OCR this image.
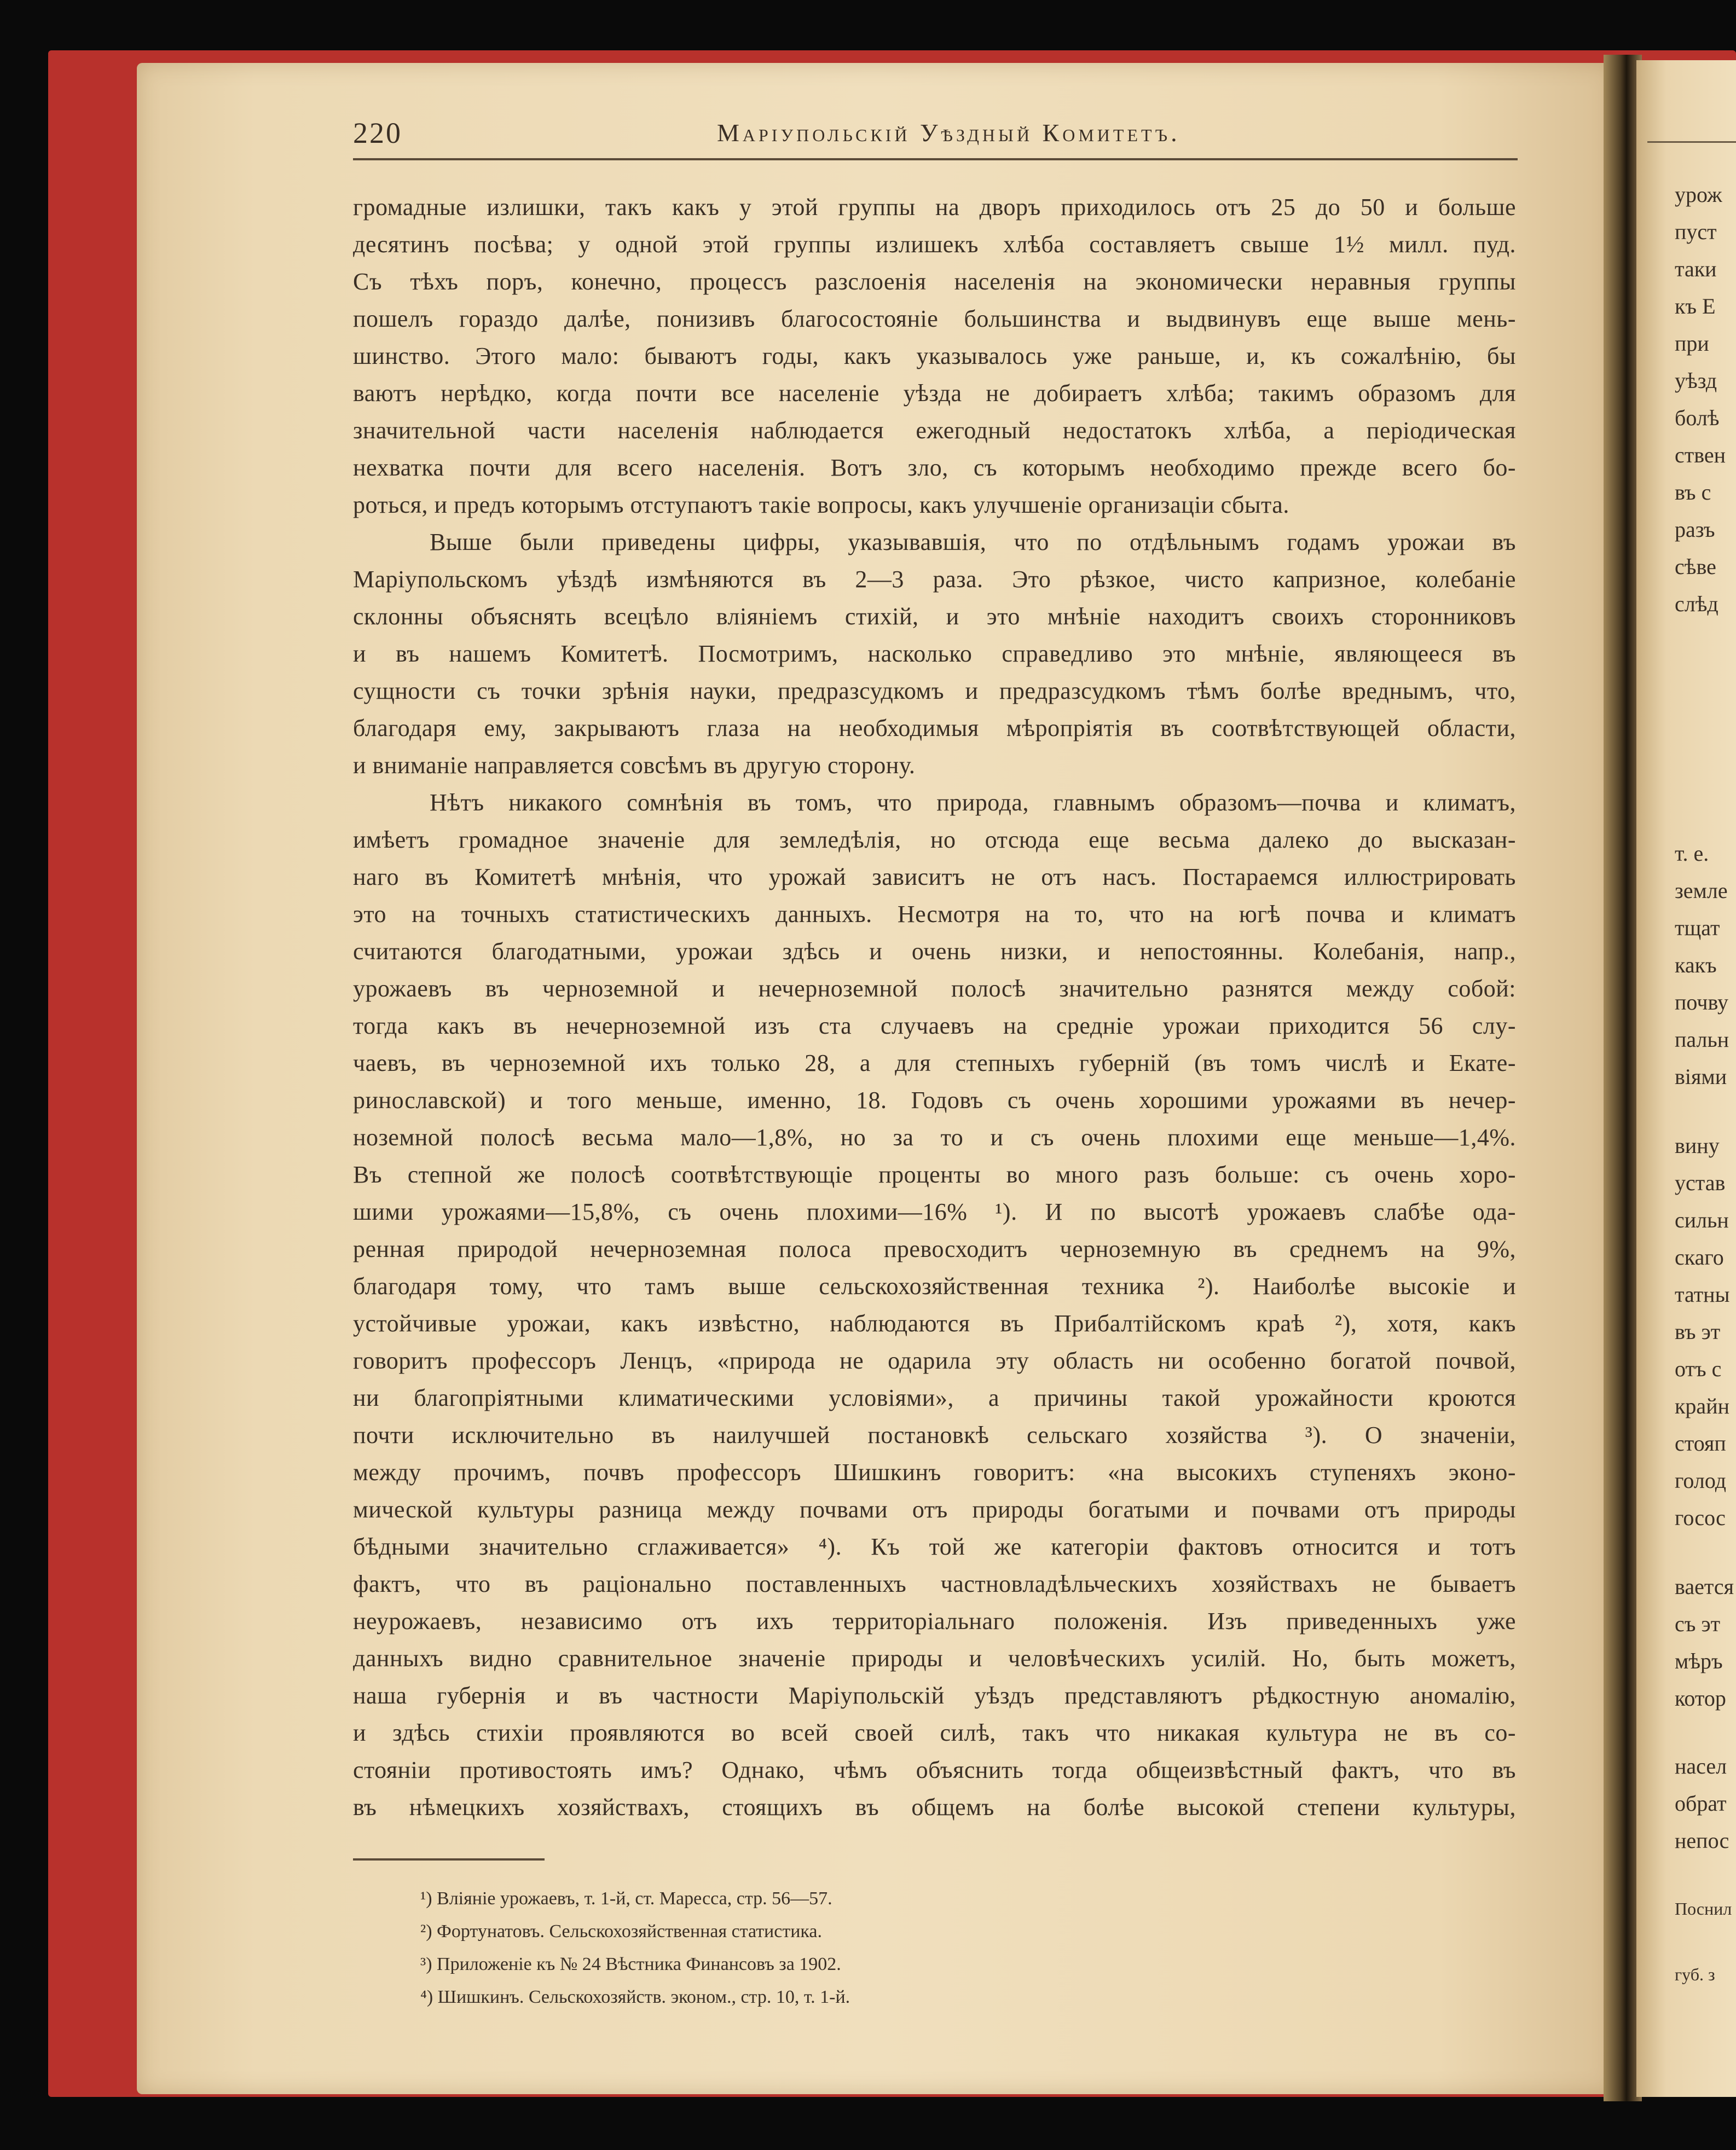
220	Маріупольскій Уѣздный Комитетъ.
громадные излишки, такъ какъ у этой группы на дворъ приходилось отъ 25 до 50 и больше
десятинъ посѣва; у одной этой группы излишекъ хлѣба составляетъ свыше 1½ милл. пуд.
Съ тѣхъ поръ, конечно, процессъ разслоенія населенія на экономически неравныя группы
пошелъ гораздо далѣе, понизивъ благосостояніе большинства и выдвинувъ еще выше мень-
шинство. Этого мало: бываютъ годы, какъ указывалось уже раньше, и, къ сожалѣнію, бы
ваютъ нерѣдко, когда почти все населеніе уѣзда не добираетъ хлѣба; такимъ образомъ для
значительной части населенія наблюдается ежегодный недостатокъ хлѣба, а періодическая
нехватка почти для всего населенія. Вотъ зло, съ которымъ необходимо прежде всего бо-
роться, и предъ которымъ отступаютъ такіе вопросы, какъ улучшеніе организаціи сбыта.
Выше были приведены цифры, указывавшія, что по отдѣльнымъ годамъ урожаи въ
Маріупольскомъ уѣздѣ измѣняются въ 2—3 раза. Это рѣзкое, чисто капризное, колебаніе
склонны объяснять всецѣло вліяніемъ стихій, и это мнѣніе находитъ своихъ сторонниковъ
и въ нашемъ Комитетѣ. Посмотримъ, насколько справедливо это мнѣніе, являющееся въ
сущности съ точки зрѣнія науки, предразсудкомъ и предразсудкомъ тѣмъ болѣе вреднымъ, что,
благодаря ему, закрываютъ глаза на необходимыя мѣропріятія въ соотвѣтствующей области,
и вниманіе направляется совсѣмъ въ другую сторону.
Нѣтъ никакого сомнѣнія въ томъ, что природа, главнымъ образомъ—почва и климатъ,
имѣетъ громадное значеніе для земледѣлія, но отсюда еще весьма далеко до высказан-
наго въ Комитетѣ мнѣнія, что урожай зависитъ не отъ насъ. Постараемся иллюстрировать
это на точныхъ статистическихъ данныхъ. Несмотря на то, что на югѣ почва и климатъ
считаются благодатными, урожаи здѣсь и очень низки, и непостоянны. Колебанія, напр.,
урожаевъ въ черноземной и нечерноземной полосѣ значительно разнятся между собой:
тогда какъ въ нечерноземной изъ ста случаевъ на средніе урожаи приходится 56 слу-
чаевъ, въ черноземной ихъ только 28, а для степныхъ губерній (въ томъ числѣ и Екате-
ринославской) и того меньше, именно, 18. Годовъ съ очень хорошими урожаями въ нечер-
ноземной полосѣ весьма мало—1,8%, но за то и съ очень плохими еще меньше—1,4%.
Въ степной же полосѣ соотвѣтствующіе проценты во много разъ больше: съ очень хоро-
шими урожаями—15,8%, съ очень плохими—16% ¹). И по высотѣ урожаевъ слабѣе ода-
ренная природой нечерноземная полоса превосходитъ черноземную въ среднемъ на 9%,
благодаря тому, что тамъ выше сельскохозяйственная техника ²). Наиболѣе высокіе и
устойчивые урожаи, какъ извѣстно, наблюдаются въ Прибалтійскомъ краѣ ²), хотя, какъ
говоритъ профессоръ Ленцъ, «природа не одарила эту область ни особенно богатой почвой,
ни благопріятными климатическими условіями», а причины такой урожайности кроются
почти исключительно въ наилучшей постановкѣ сельскаго хозяйства ³). О значеніи,
между прочимъ, почвъ профессоръ Шишкинъ говоритъ: «на высокихъ ступеняхъ эконо-
мической культуры разница между почвами отъ природы богатыми и почвами отъ природы
бѣдными значительно сглаживается» ⁴). Къ той же категоріи фактовъ относится и тотъ
фактъ, что въ раціонально поставленныхъ частновладѣльческихъ хозяйствахъ не бываетъ
неурожаевъ, независимо отъ ихъ территоріальнаго положенія. Изъ приведенныхъ уже
данныхъ видно сравнительное значеніе природы и человѣческихъ усилій. Но, быть можетъ,
наша губернія и въ частности Маріупольскій уѣздъ представляютъ рѣдкостную аномалію,
и здѣсь стихіи проявляются во всей своей силѣ, такъ что никакая культура не въ со-
стояніи противостоять имъ? Однако, чѣмъ объяснить тогда общеизвѣстный фактъ, что въ
въ нѣмецкихъ хозяйствахъ, стоящихъ въ общемъ на болѣе высокой степени культуры,
¹) Вліяніе урожаевъ, т. 1-й, ст. Маресса, стр. 56—57.
²) Фортунатовъ. Сельскохозяйственная статистика.
³) Приложеніе къ № 24 Вѣстника Финансовъ за 1902.
⁴) Шишкинъ. Сельскохозяйств. эконом., стр. 10, т. 1-й.
урож
пуст
таки
къ Е
при
уѣзд
болѣ
ствен
въ с
разъ
сѣве
слѣд
т. е.
земле
тщат
какъ
почву
пальн
віями
вину
устав
сильн
скаго
татны
въ эт
отъ с
крайн
стояп
голод
госос
вается
съ эт
мѣръ
котор
насел
обрат
непос
Поснил
губ. з
